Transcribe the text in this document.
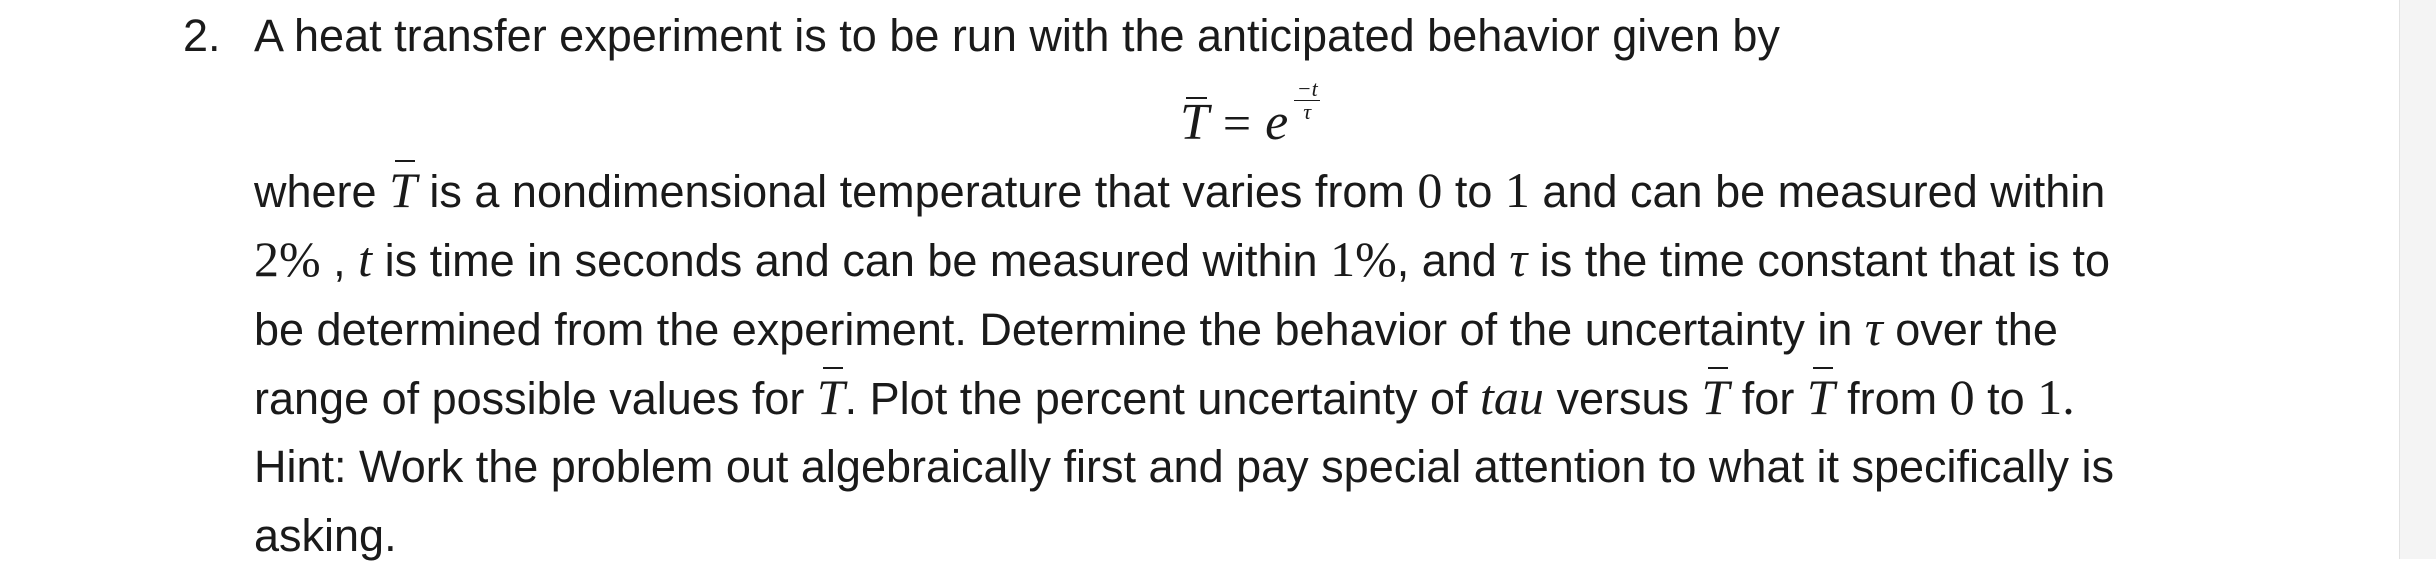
2. A heat transfer experiment is to be run with the anticipated behavior given by
T = e
−t
τ
where T is a nondimensional temperature that varies from 0 to 1 and can be measured within
2% , t is time in seconds and can be measured within 1%, and τ is the time constant that is to
be determined from the experiment. Determine the behavior of the uncertainty in τ over the
range of possible values for T. Plot the percent uncertainty of tau versus T for T from 0 to 1.
Hint: Work the problem out algebraically first and pay special attention to what it specifically is
asking.
